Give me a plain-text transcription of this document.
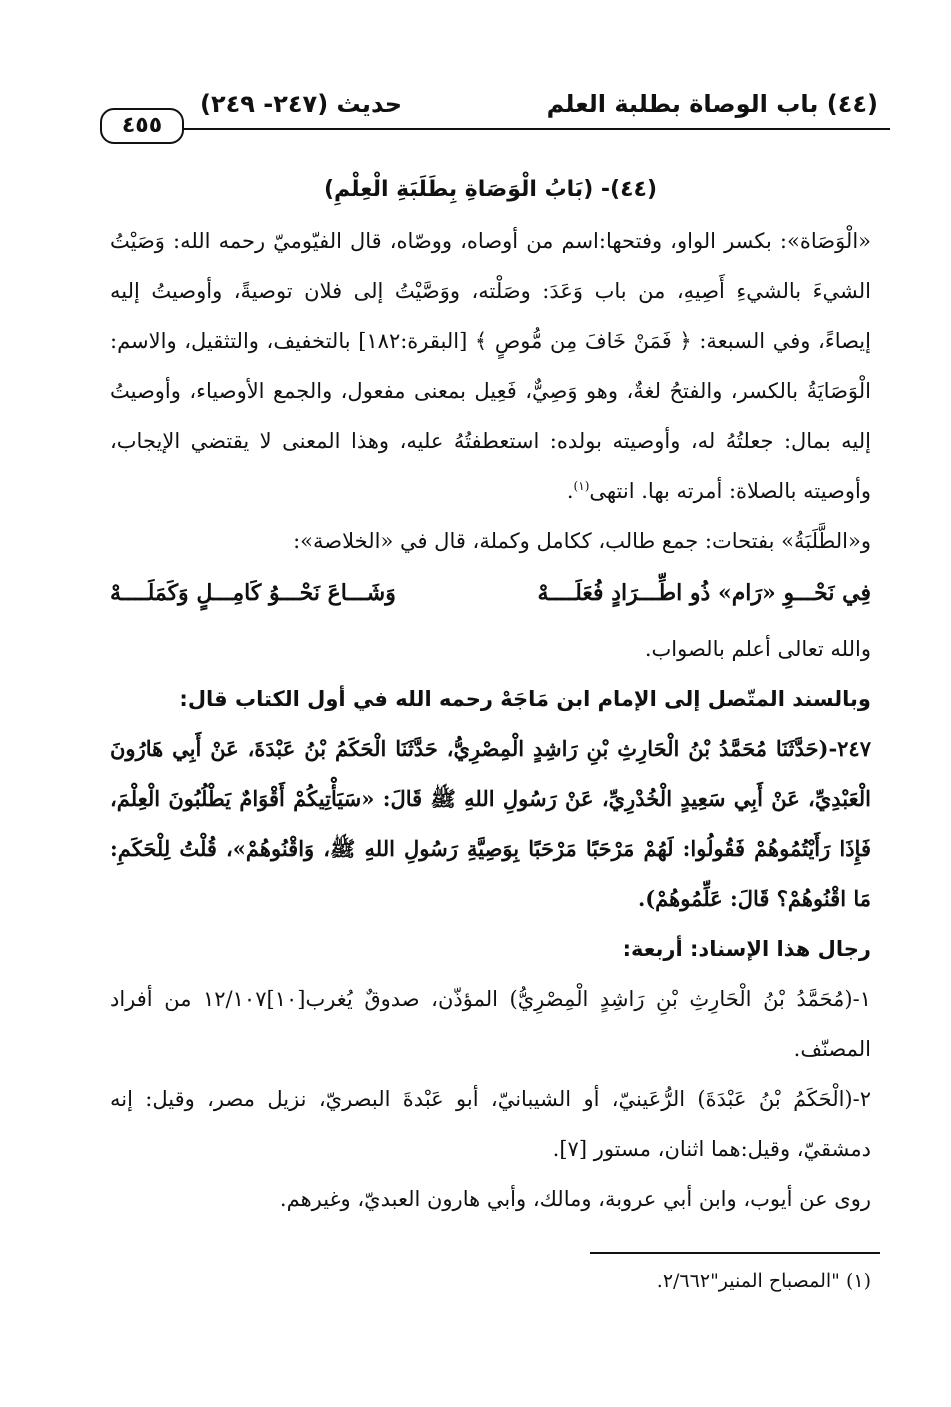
٤٥٥
حديث (٢٤٧- ٢٤٩)	(٤٤) باب الوصاة بطلبة العلم
(٤٤)- (بَابُ الْوَصَاةِ بِطَلَبَةِ الْعِلْمِ)

«الْوَصَاة»: بكسر الواو، وفتحها:اسم من أوصاه، ووصّاه، قال الفيّوميّ رحمه الله: وَصَيْتُ الشيءَ بالشيءِ أَصِيهِ، من باب وَعَدَ: وصَلْته، ووَصَّيْتُ إلى فلان توصيةً، وأوصيتُ إليه إيصاءً، وفي السبعة: ﴿ فَمَنْ خَافَ مِن مُّوصٍ ﴾ [البقرة:١٨٢] بالتخفيف، والتثقيل، والاسم: الْوَصَايَةُ بالكسر، والفتحُ لغةٌ، وهو وَصِيٌّ، فَعِيل بمعنى مفعول، والجمع الأوصياء، وأوصيتُ إليه بمال: جعلتُهُ له، وأوصيته بولده: استعطفتُهُ عليه، وهذا المعنى لا يقتضي الإيجاب، وأوصيته بالصلاة: أمرته بها. انتهى$^{(١)}$.

و«الطَّلَبَةُ» بفتحات: جمع طالب، ككامل وكملة، قال في «الخلاصة»:

فِي نَحْـــوِ «رَام» ذُو اطِّـــرَادٍ فُعَلَــــهْ
وَشَـــاعَ نَحْـــوُ كَامِـــلٍ وَكَمَلَــــهْ

والله تعالى أعلم بالصواب.

وبالسند المتّصل إلى الإمام ابن مَاجَهْ رحمه الله في أول الكتاب قال:

٢٤٧-(حَدَّثَنَا مُحَمَّدُ بْنُ الْحَارِثِ بْنِ رَاشِدٍ الْمِصْرِيُّ، حَدَّثَنَا الْحَكَمُ بْنُ عَبْدَةَ، عَنْ أَبِي هَارُونَ الْعَبْدِيِّ، عَنْ أَبِي سَعِيدٍ الْخُدْرِيِّ، عَنْ رَسُولِ اللهِ ﷺ قَالَ: «سَيَأْتِيكُمْ أَقْوَامٌ يَطْلُبُونَ الْعِلْمَ، فَإِذَا رَأَيْتُمُوهُمْ فَقُولُوا: لَهُمْ مَرْحَبًا مَرْحَبًا بِوَصِيَّةِ رَسُولِ اللهِ ﷺ، وَاقْنُوهُمْ»، قُلْتُ لِلْحَكَمِ: مَا اقْنُوهُمْ؟ قَالَ: عَلِّمُوهُمْ).

رجال هذا الإسناد: أربعة:

١-(مُحَمَّدُ بْنُ الْحَارِثِ بْنِ رَاشِدٍ الْمِصْرِيُّ) المؤذّن، صدوقٌ يُغرب[١٠]١٢/١٠٧ من أفراد المصنّف.

٢-(الْحَكَمُ بْنُ عَبْدَةَ) الرُّعَينيّ، أو الشيبانيّ، أبو عَبْدةَ البصريّ، نزيل مصر، وقيل: إنه دمشقيّ، وقيل:هما اثنان، مستور [٧].

روى عن أيوب، وابن أبي عروبة، ومالك، وأبي هارون العبديّ، وغيرهم.

(١) "المصباح المنير"٢/٦٦٢.
